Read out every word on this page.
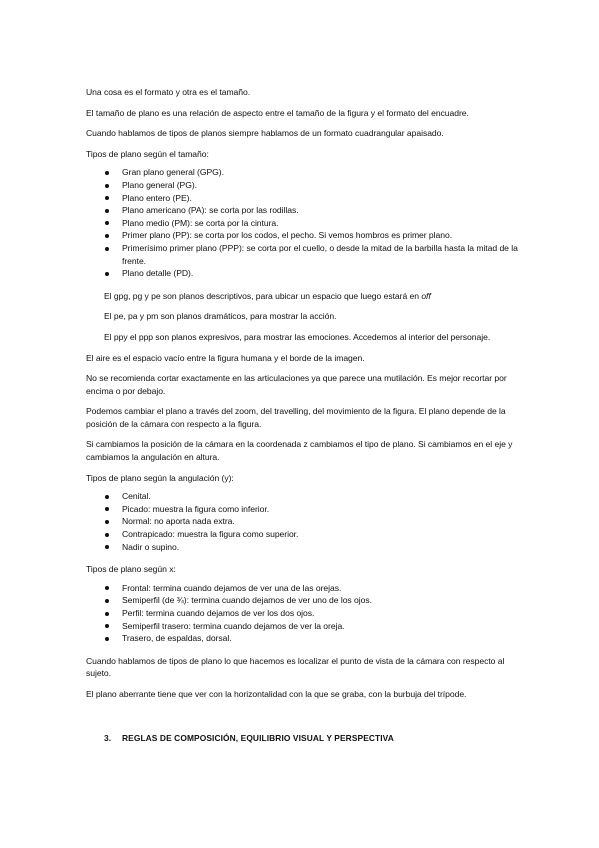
Una cosa es el formato y otra es el tamaño.

El tamaño de plano es una relación de aspecto entre el tamaño de la figura y el formato del encuadre.

Cuando hablamos de tipos de planos siempre hablamos de un formato cuadrangular apaisado.

Tipos de plano según el tamaño:

Gran plano general (GPG).
Plano general (PG).
Plano entero (PE).
Plano americano (PA): se corta por las rodillas.
Plano medio (PM): se corta por la cintura.
Primer plano (PP): se corta por los codos, el pecho. Si vemos hombros es primer plano.
Primerísimo primer plano (PPP): se corta por el cuello, o desde la mitad de la barbilla hasta la mitad de la frente.
Plano detalle (PD).

El gpg, pg y pe son planos descriptivos, para ubicar un espacio que luego estará en off

El pe, pa y pm son planos dramáticos, para mostrar la acción.

El ppy el ppp son planos expresivos, para mostrar las emociones. Accedemos al interior del personaje.

El aire es el espacio vacío entre la figura humana y el borde de la imagen.

No se recomienda cortar exactamente en las articulaciones ya que parece una mutilación. Es mejor recortar por encima o por debajo.

Podemos cambiar el plano a través del zoom, del travelling, del movimiento de la figura. El plano depende de la posición de la cámara con respecto a la figura.

Si cambiamos la posición de la cámara en la coordenada z cambiamos el tipo de plano. Si cambiamos en el eje y cambiamos la angulación en altura.

Tipos de plano según la angulación (y):

Cenital.
Picado: muestra la figura como inferior.
Normal: no aporta nada extra.
Contrapicado: muestra la figura como superior.
Nadir o supino.

Tipos de plano según x:

Frontal: termina cuando dejamos de ver una de las orejas.
Semiperfil (de ¾): termina cuando dejamos de ver uno de los ojos.
Perfil: termina cuando dejamos de ver los dos ojos.
Semiperfil trasero: termina cuando dejamos de ver la oreja.
Trasero, de espaldas, dorsal.

Cuando hablamos de tipos de plano lo que hacemos es localizar el punto de vista de la cámara con respecto al sujeto.

El plano aberrante tiene que ver con la horizontalidad con la que se graba, con la burbuja del trípode.

3. REGLAS DE COMPOSICIÓN, EQUILIBRIO VISUAL Y PERSPECTIVA
